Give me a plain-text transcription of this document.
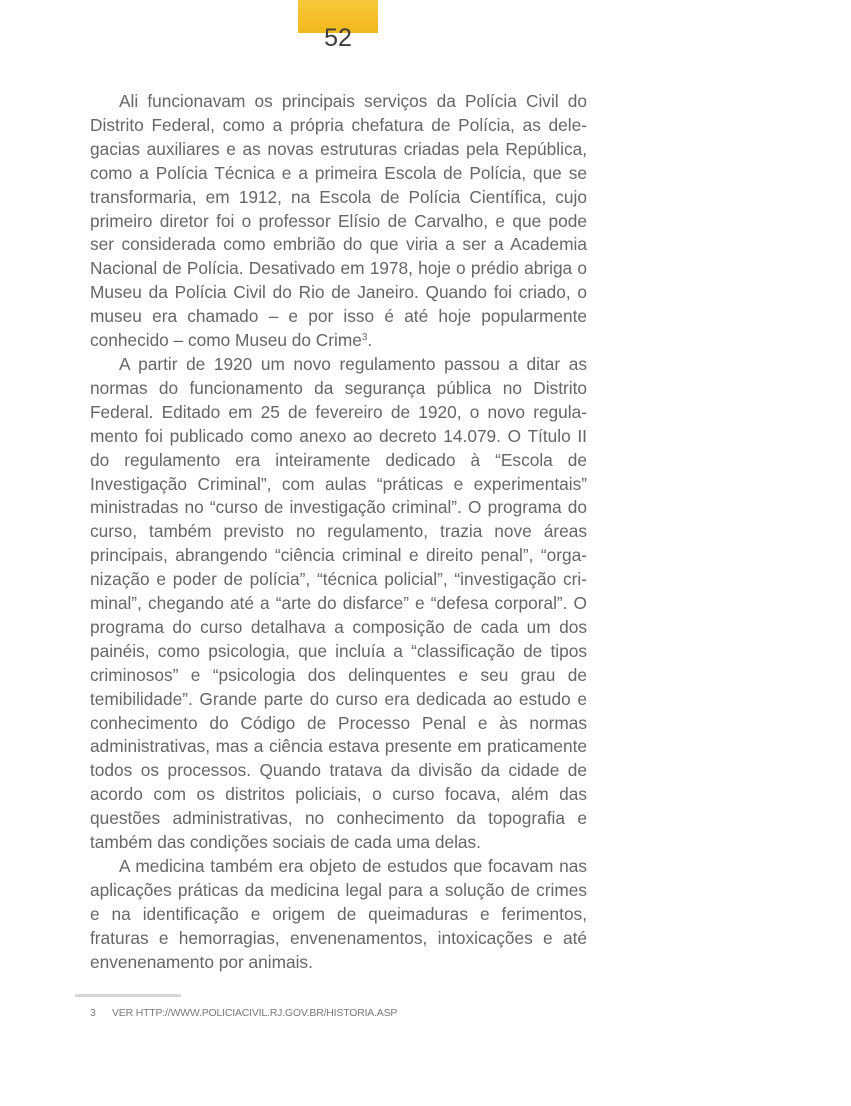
52

Ali funcionavam os principais serviços da Polícia Civil do Distrito Federal, como a própria chefatura de Polícia, as delegacias auxiliares e as novas estruturas criadas pela República, como a Polícia Técnica e a primeira Escola de Polícia, que se transformaria, em 1912, na Escola de Polícia Científica, cujo primeiro diretor foi o professor Elísio de Carvalho, e que pode ser considerada como embrião do que viria a ser a Academia Nacional de Polícia. Desativado em 1978, hoje o prédio abriga o Museu da Polícia Civil do Rio de Janeiro. Quando foi criado, o museu era chamado – e por isso é até hoje popularmente conhecido – como Museu do Crime$^3$.

A partir de 1920 um novo regulamento passou a ditar as normas do funcionamento da segurança pública no Distrito Federal. Editado em 25 de fevereiro de 1920, o novo regulamento foi publicado como anexo ao decreto 14.079. O Título II do regulamento era inteiramente dedicado à “Escola de Investigação Criminal”, com aulas “práticas e experimentais” ministradas no “curso de investigação criminal”. O programa do curso, também previsto no regulamento, trazia nove áreas principais, abrangendo “ciência criminal e direito penal”, “organização e poder de polícia”, “técnica policial”, “investigação criminal”, chegando até a “arte do disfarce” e “defesa corporal”. O programa do curso detalhava a composição de cada um dos painéis, como psicologia, que incluía a “classificação de tipos criminosos” e “psicologia dos delinquentes e seu grau de temibilidade”. Grande parte do curso era dedicada ao estudo e conhecimento do Código de Processo Penal e às normas administrativas, mas a ciência estava presente em praticamente todos os processos. Quando tratava da divisão da cidade de acordo com os distritos policiais, o curso focava, além das questões administrativas, no conhecimento da topografia e também das condições sociais de cada uma delas.

A medicina também era objeto de estudos que focavam nas aplicações práticas da medicina legal para a solução de crimes e na identificação e origem de queimaduras e ferimentos, fraturas e hemorragias, envenenamentos, intoxicações e até envenenamento por animais.

3 VER HTTP://WWW.POLICIACIVIL.RJ.GOV.BR/HISTORIA.ASP
